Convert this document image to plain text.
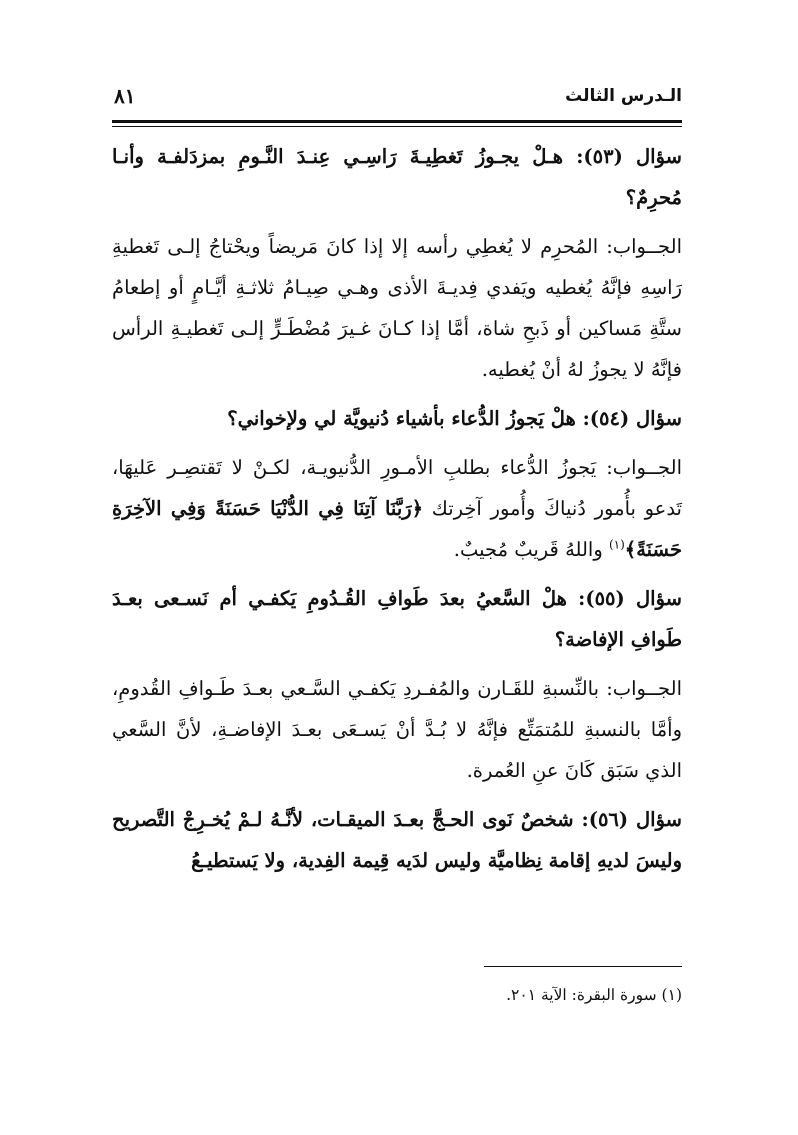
الـدرس الثالث
٨١

سؤال (٥٣): هـلْ يجـوزُ تَغطِيـةَ رَاسِـي عِنـدَ النَّـومِ بمزدَلفـة وأنـا مُحرِمٌ؟

الجــواب: المُحرِم لا يُغطِي رأسه إلا إذا كانَ مَريضاً ويحْتاجُ إلـى تَغطيةِ رَاسِهِ فإنَّهُ يُغطيه ويَفدي فِديـةَ الأذى وهـي صِيـامُ ثلاثـةِ أيَّـامٍ أو إطعامُ ستَّةِ مَساكين أو ذَبحِ شاة، أمَّا إذا كـانَ غـيرَ مُضْطَـرٍّ إلـى تَغطيـةِ الرأس فإنَّهُ لا يجوزُ لهُ أنْ يُغطيه.

سؤال (٥٤): هلْ يَجوزُ الدُّعاء بأشياء دُنيويَّة لي ولإخواني؟

الجــواب: يَجوزُ الدُّعاء بطلبِ الأمـورِ الدُّنيويـة، لكـنْ لا تَقتصِـر عَليهَا، تَدعو بأُمور دُنياكَ وأُمور آخِرتك ﴿رَبَّنَا آتِنَا فِي الدُّنْيَا حَسَنَةً وَفِي الآخِرَةِ حَسَنَةً﴾$^{(١)}$ واللهُ قَريبٌ مُجيبٌ.

سؤال (٥٥): هلْ السَّعيُ بعدَ طَوافِ القُـدُومِ يَكفـي أم نَسـعى بعـدَ طَوافِ الإفاضة؟

الجــواب: بالنِّسبةِ للقَـارن والمُفـردِ يَكفـي السَّـعي بعـدَ طَـوافِ القُدومِ، وأمَّا بالنسبةِ للمُتمَتِّع فإنَّهُ لا بُـدَّ أنْ يَسـعَى بعـدَ الإفاضـةِ، لأنَّ السَّعي الذي سَبَق كَانَ عنِ العُمرة.

سؤال (٥٦): شخصٌ نَوى الحـجَّ بعـدَ الميقـات، لأنَّـهُ لـمْ يُخـرِجْ التَّصريح وليسَ لديهِ إقامة نِظاميَّة وليس لدَيه قِيمة الفِدية، ولا يَستطيـعُ

(١) سورة البقرة: الآية ٢٠١.
